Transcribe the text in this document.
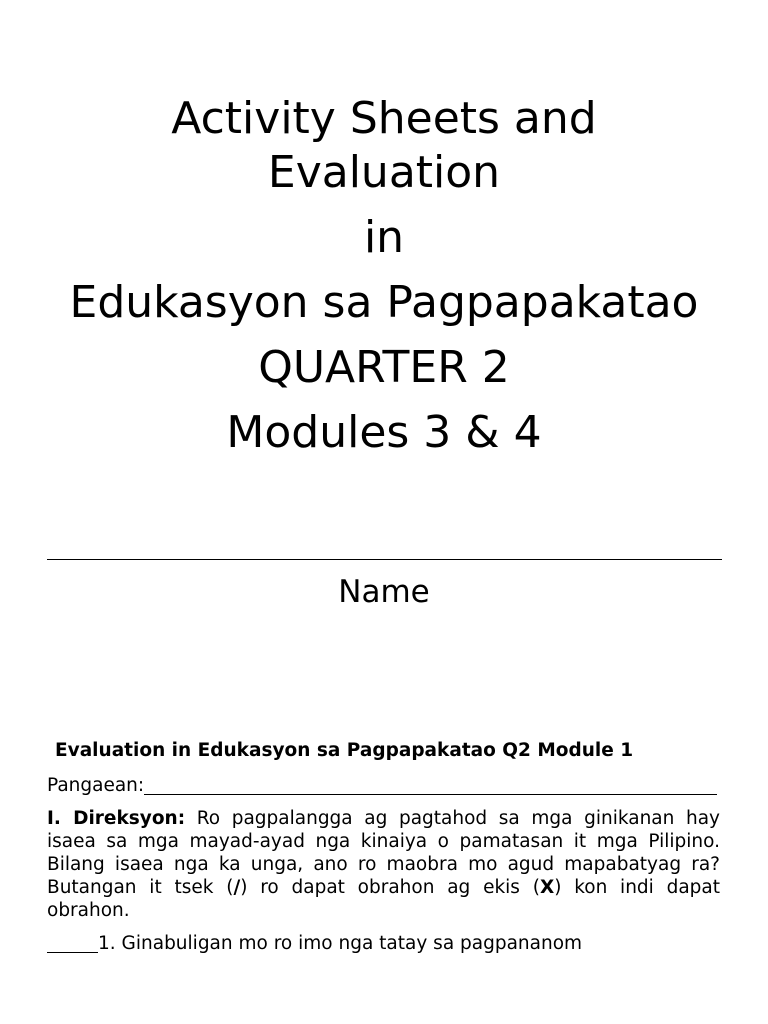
Activity Sheets and
Evaluation
in
Edukasyon sa Pagpapakatao
QUARTER 2
Modules 3 & 4
Name
Evaluation in Edukasyon sa Pagpapakatao Q2 Module 1
Pangaean:
I. Direksyon: Ro pagpalangga ag pagtahod sa mga ginikanan hay isaea sa mga mayad-ayad nga kinaiya o pamatasan it mga Pilipino. Bilang isaea nga ka unga, ano ro maobra mo agud mapabatyag ra? Butangan it tsek (/) ro dapat obrahon ag ekis (X) kon indi dapat obrahon.
1. Ginabuligan mo ro imo nga tatay sa pagpananom
